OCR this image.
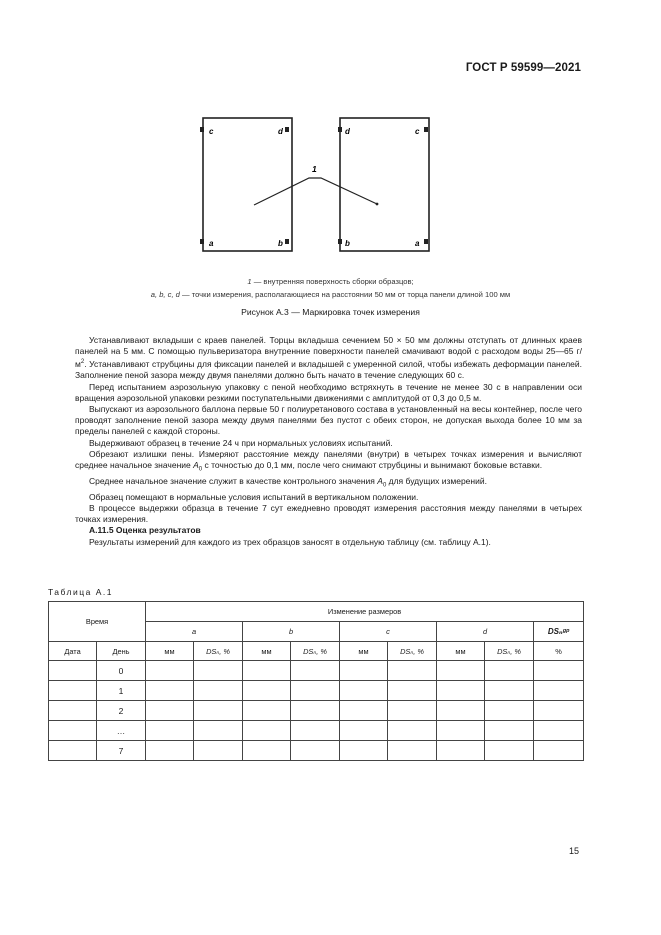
ГОСТ Р 59599—2021
c	d
a	b
d	c
b	a
1
1 — внутренняя поверхность сборки образцов;
a, b, c, d — точки измерения, располагающиеся на расстоянии 50 мм от торца панели длиной 100 мм
Рисунок А.3 — Маркировка точек измерения

Устанавливают вкладыши с краев панелей. Торцы вкладыша сечением 50 × 50 мм должны отступать от длинных краев панелей на 5 мм. С помощью пульверизатора внутренние поверхности панелей смачивают водой с расходом воды 25—65 $г/м^2$. Устанавливают струбцины для фиксации панелей и вкладышей с умеренной силой, чтобы избежать деформации панелей. Заполнение пеной зазора между двумя панелями должно быть начато в течение следующих 60 с.

Перед испытанием аэрозольную упаковку с пеной необходимо встряхнуть в течение не менее 30 с в направлении оси вращения аэрозольной упаковки резкими поступательными движениями с амплитудой от 0,3 до 0,5 м.

Выпускают из аэрозольного баллона первые 50 г полиуретанового состава в установленный на весы контейнер, после чего проводят заполнение пеной зазора между двумя панелями без пустот с обеих сторон, не допуская выхода более 10 мм за пределы панелей с каждой стороны.

Выдерживают образец в течение 24 ч при нормальных условиях испытаний.

Обрезают излишки пены. Измеряют расстояние между панелями (внутри) в четырех точках измерения и вычисляют среднее начальное значение $A_0$ с точностью до 0,1 мм, после чего снимают струбцины и вынимают боковые вставки.

Среднее начальное значение служит в качестве контрольного значения $A_0$ для будущих измерений.

Образец помещают в нормальные условия испытаний в вертикальном положении.

В процессе выдержки образца в течение 7 сут ежедневно проводят измерения расстояния между панелями в четырех точках измерения.

А.11.5 Оценка результатов

Результаты измерений для каждого из трех образцов заносят в отдельную таблицу (см. таблицу А.1).

Таблица А.1
Время		Изменение размеров								
		a		b		c		d		DSₙᵍᵖ
Дата	День	мм	DSₙ, %	мм	DSₙ, %	мм	DSₙ, %	мм	DSₙ, %	%
	0									
	1									
	2									
	…									
	7									
15
